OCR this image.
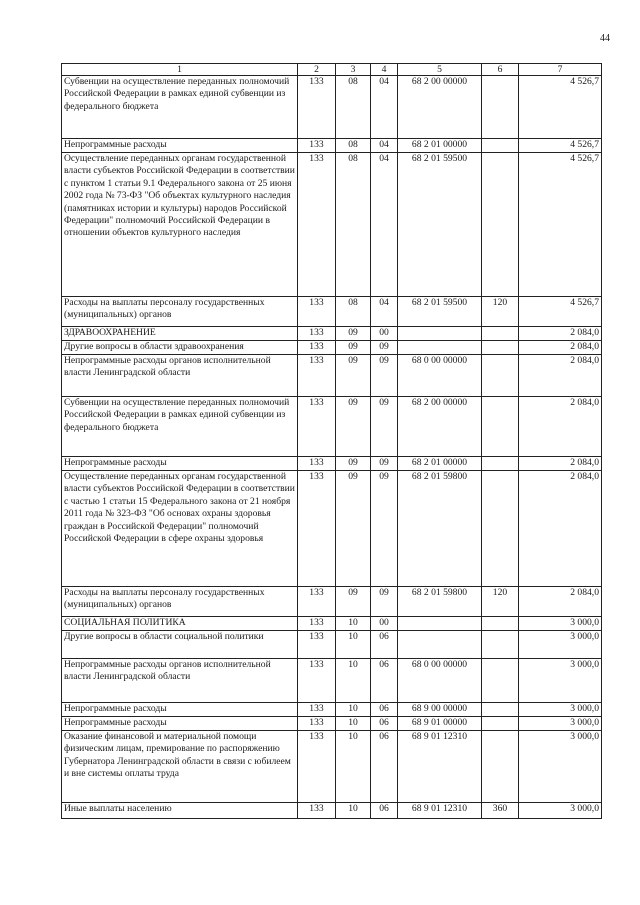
44
1	2	3	4	5	6	7
Субвенции на осуществление переданных полномочий Российской Федерации в рамках единой субвенции из федерального бюджета	133	08	04	68 2 00 00000		4 526,7
Непрограммные расходы	133	08	04	68 2 01 00000		4 526,7
Осуществление переданных органам государственной власти субъектов Российской Федерации в соответствии с пунктом 1 статьи 9.1 Федерального закона от 25 июня 2002 года № 73-ФЗ "Об объектах культурного наследия (памятниках истории и культуры) народов Российской Федерации" полномочий Российской Федерации в отношении объектов культурного наследия	133	08	04	68 2 01 59500		4 526,7
Расходы на выплаты персоналу государственных (муниципальных) органов	133	08	04	68 2 01 59500	120	4 526,7
ЗДРАВООХРАНЕНИЕ	133	09	00			2 084,0
Другие вопросы в области здравоохранения	133	09	09			2 084,0
Непрограммные расходы органов исполнительной власти Ленинградской области	133	09	09	68 0 00 00000		2 084,0
Субвенции на осуществление переданных полномочий Российской Федерации в рамках единой субвенции из федерального бюджета	133	09	09	68 2 00 00000		2 084,0
Непрограммные расходы	133	09	09	68 2 01 00000		2 084,0
Осуществление переданных органам государственной власти субъектов Российской Федерации в соответствии с частью 1 статьи 15 Федерального закона от 21 ноября 2011 года № 323-ФЗ "Об основах охраны здоровья граждан в Российской Федерации" полномочий Российской Федерации в сфере охраны здоровья	133	09	09	68 2 01 59800		2 084,0
Расходы на выплаты персоналу государственных (муниципальных) органов	133	09	09	68 2 01 59800	120	2 084,0
СОЦИАЛЬНАЯ ПОЛИТИКА	133	10	00			3 000,0
Другие вопросы в области социальной политики	133	10	06			3 000,0
Непрограммные расходы органов исполнительной власти Ленинградской области	133	10	06	68 0 00 00000		3 000,0
Непрограммные расходы	133	10	06	68 9 00 00000		3 000,0
Непрограммные расходы	133	10	06	68 9 01 00000		3 000,0
Оказание финансовой и материальной помощи физическим лицам, премирование по распоряжению Губернатора Ленинградской области в связи с юбилеем и вне системы оплаты труда	133	10	06	68 9 01 12310		3 000,0
Иные выплаты населению	133	10	06	68 9 01 12310	360	3 000,0
